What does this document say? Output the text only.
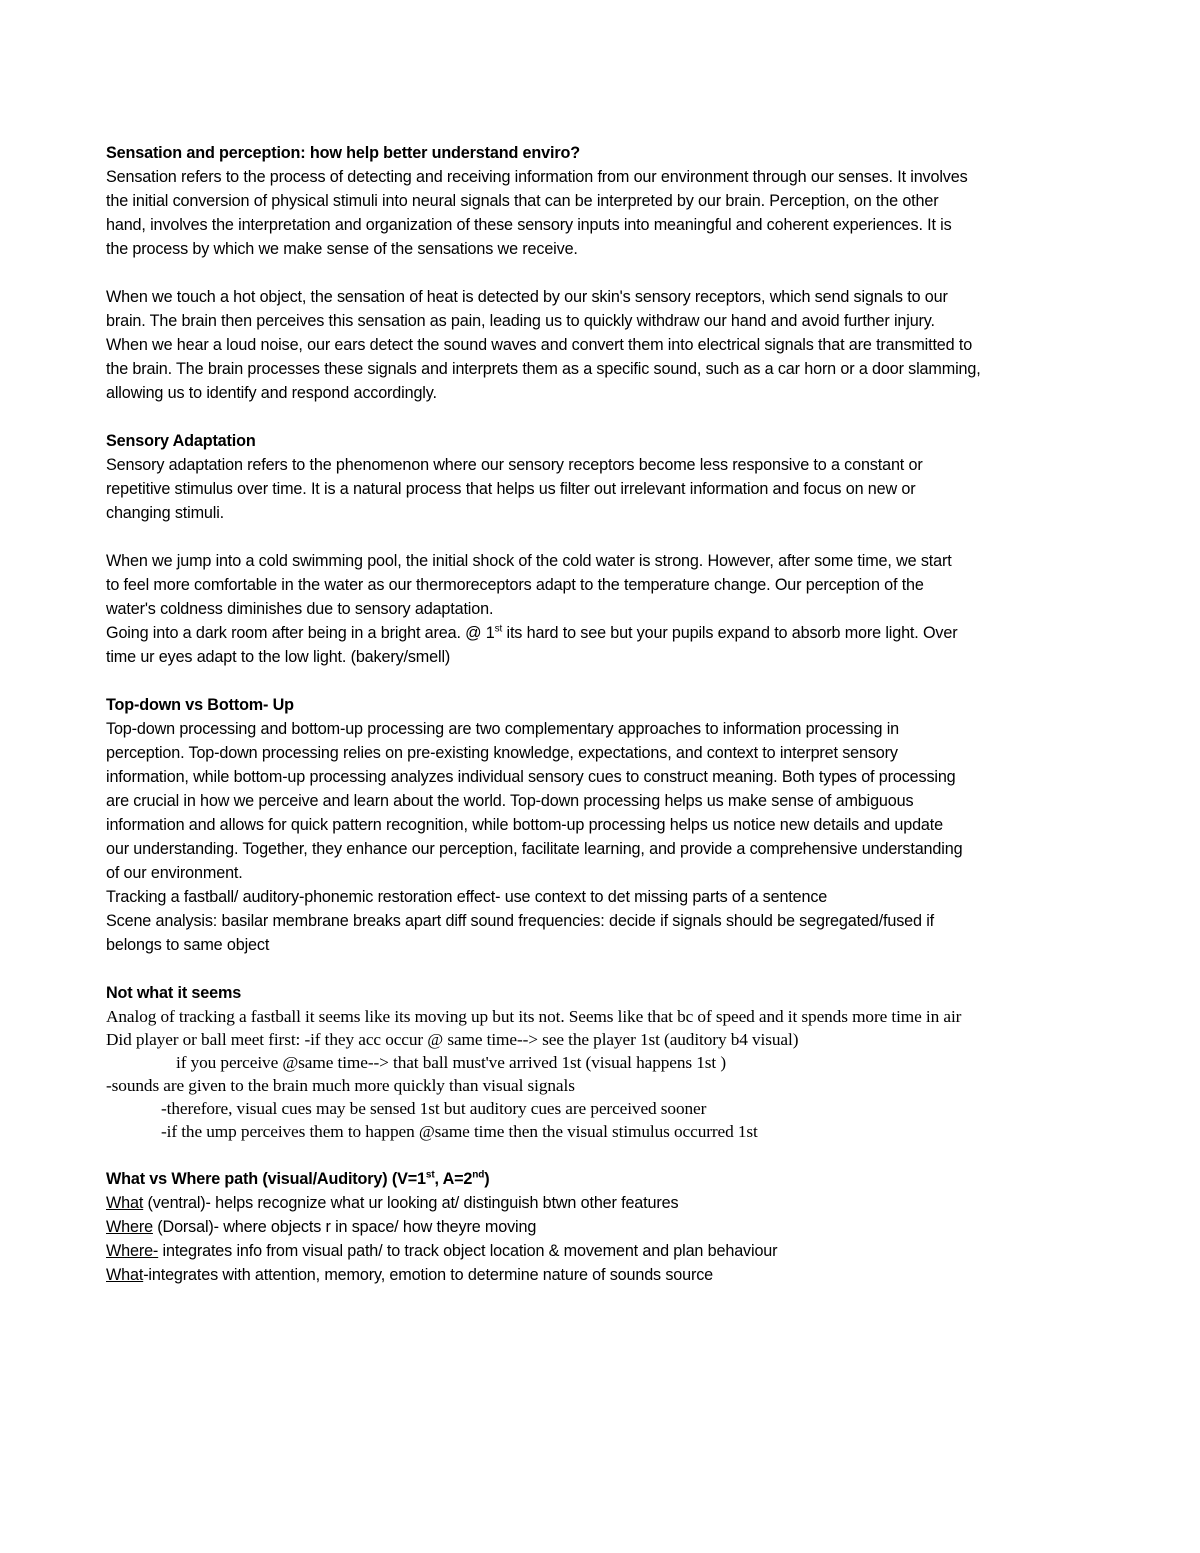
Sensation and perception: how help better understand enviro?
Sensation refers to the process of detecting and receiving information from our environment through our senses. It involves
the initial conversion of physical stimuli into neural signals that can be interpreted by our brain. Perception, on the other
hand, involves the interpretation and organization of these sensory inputs into meaningful and coherent experiences. It is
the process by which we make sense of the sensations we receive.
When we touch a hot object, the sensation of heat is detected by our skin's sensory receptors, which send signals to our
brain. The brain then perceives this sensation as pain, leading us to quickly withdraw our hand and avoid further injury.
When we hear a loud noise, our ears detect the sound waves and convert them into electrical signals that are transmitted to
the brain. The brain processes these signals and interprets them as a specific sound, such as a car horn or a door slamming,
allowing us to identify and respond accordingly.
Sensory Adaptation
Sensory adaptation refers to the phenomenon where our sensory receptors become less responsive to a constant or
repetitive stimulus over time. It is a natural process that helps us filter out irrelevant information and focus on new or
changing stimuli.
When we jump into a cold swimming pool, the initial shock of the cold water is strong. However, after some time, we start
to feel more comfortable in the water as our thermoreceptors adapt to the temperature change. Our perception of the
water's coldness diminishes due to sensory adaptation.
Going into a dark room after being in a bright area. @ 1st its hard to see but your pupils expand to absorb more light. Over
time ur eyes adapt to the low light. (bakery/smell)
Top-down vs Bottom- Up
Top-down processing and bottom-up processing are two complementary approaches to information processing in
perception. Top-down processing relies on pre-existing knowledge, expectations, and context to interpret sensory
information, while bottom-up processing analyzes individual sensory cues to construct meaning. Both types of processing
are crucial in how we perceive and learn about the world. Top-down processing helps us make sense of ambiguous
information and allows for quick pattern recognition, while bottom-up processing helps us notice new details and update
our understanding. Together, they enhance our perception, facilitate learning, and provide a comprehensive understanding
of our environment.
Tracking a fastball/ auditory-phonemic restoration effect- use context to det missing parts of a sentence
Scene analysis: basilar membrane breaks apart diff sound frequencies: decide if signals should be segregated/fused if
belongs to same object
Not what it seems
Analog of tracking a fastball it seems like its moving up but its not. Seems like that bc of speed and it spends more time in air
Did player or ball meet first: -if they acc occur @ same time--> see the player 1st (auditory b4 visual)
if you perceive @same time--> that ball must've arrived 1st (visual happens 1st )
-sounds are given to the brain much more quickly than visual signals
-therefore, visual cues may be sensed 1st but auditory cues are perceived sooner
-if the ump perceives them to happen @same time then the visual stimulus occurred 1st
What vs Where path (visual/Auditory) (V=1st, A=2nd)
What (ventral)- helps recognize what ur looking at/ distinguish btwn other features
Where (Dorsal)- where objects r in space/ how theyre moving
Where- integrates info from visual path/ to track object location & movement and plan behaviour
What-integrates with attention, memory, emotion to determine nature of sounds source
